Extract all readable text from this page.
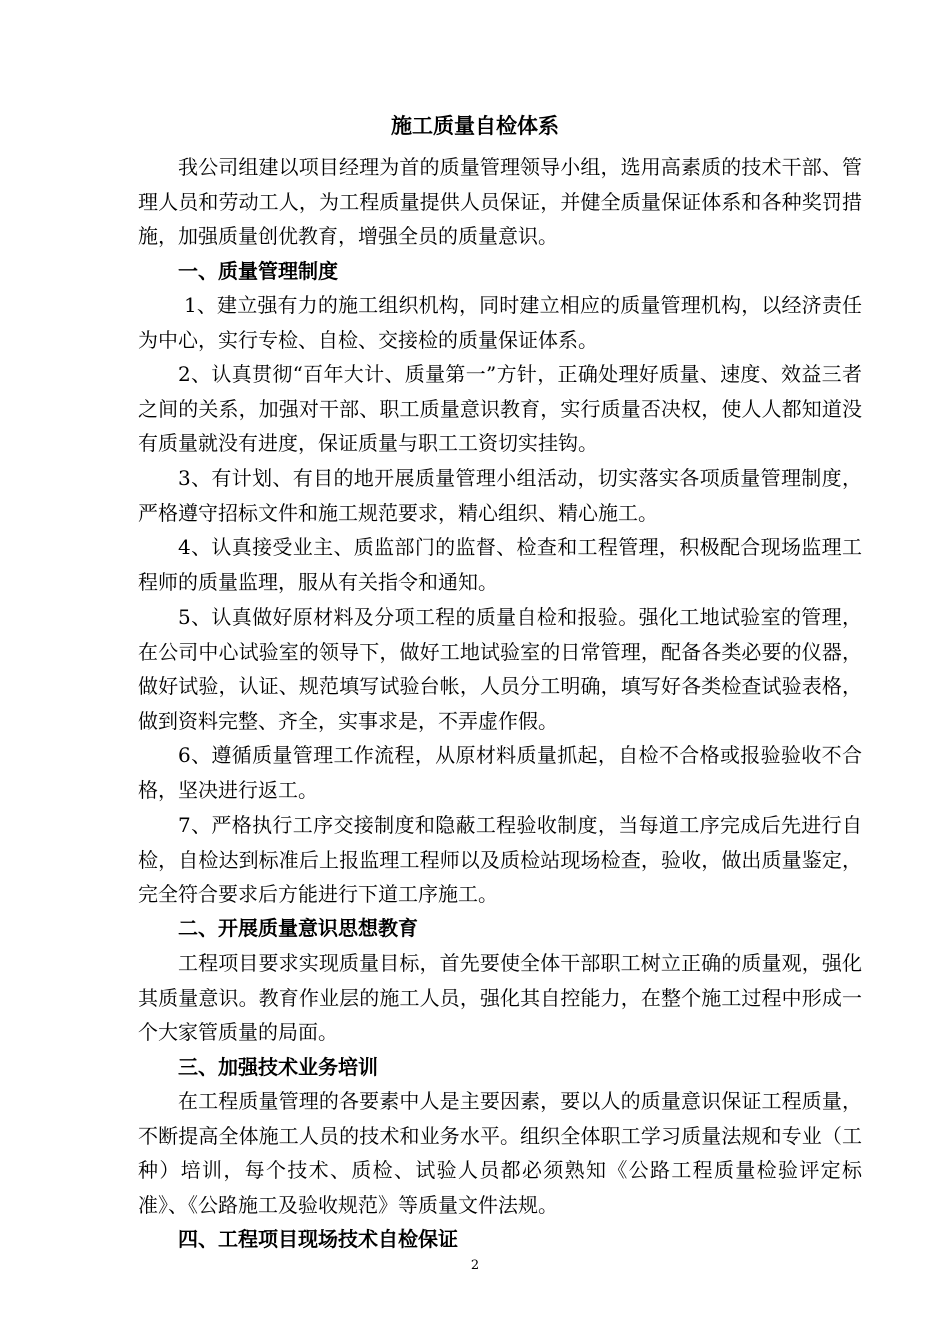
施工质量自检体系

我公司组建以项目经理为首的质量管理领导小组，选用高素质的技术干部、管理人员和劳动工人，为工程质量提供人员保证，并健全质量保证体系和各种奖罚措施，加强质量创优教育，增强全员的质量意识。

一、质量管理制度

1、建立强有力的施工组织机构，同时建立相应的质量管理机构，以经济责任为中心，实行专检、自检、交接检的质量保证体系。

2、认真贯彻“百年大计、质量第一”方针，正确处理好质量、速度、效益三者之间的关系，加强对干部、职工质量意识教育，实行质量否决权，使人人都知道没有质量就没有进度，保证质量与职工工资切实挂钩。

3、有计划、有目的地开展质量管理小组活动，切实落实各项质量管理制度，严格遵守招标文件和施工规范要求，精心组织、精心施工。

4、认真接受业主、质监部门的监督、检查和工程管理，积极配合现场监理工程师的质量监理，服从有关指令和通知。

5、认真做好原材料及分项工程的质量自检和报验。强化工地试验室的管理，在公司中心试验室的领导下，做好工地试验室的日常管理，配备各类必要的仪器，做好试验，认证、规范填写试验台帐，人员分工明确，填写好各类检查试验表格，做到资料完整、齐全，实事求是，不弄虚作假。

6、遵循质量管理工作流程，从原材料质量抓起，自检不合格或报验验收不合格，坚决进行返工。

7、严格执行工序交接制度和隐蔽工程验收制度，当每道工序完成后先进行自检，自检达到标准后上报监理工程师以及质检站现场检查，验收，做出质量鉴定，完全符合要求后方能进行下道工序施工。

二、开展质量意识思想教育

工程项目要求实现质量目标，首先要使全体干部职工树立正确的质量观，强化其质量意识。教育作业层的施工人员，强化其自控能力，在整个施工过程中形成一个大家管质量的局面。

三、加强技术业务培训

在工程质量管理的各要素中人是主要因素，要以人的质量意识保证工程质量，不断提高全体施工人员的技术和业务水平。组织全体职工学习质量法规和专业（工种）培训，每个技术、质检、试验人员都必须熟知《公路工程质量检验评定标准》、《公路施工及验收规范》等质量文件法规。

四、工程项目现场技术自检保证

2
